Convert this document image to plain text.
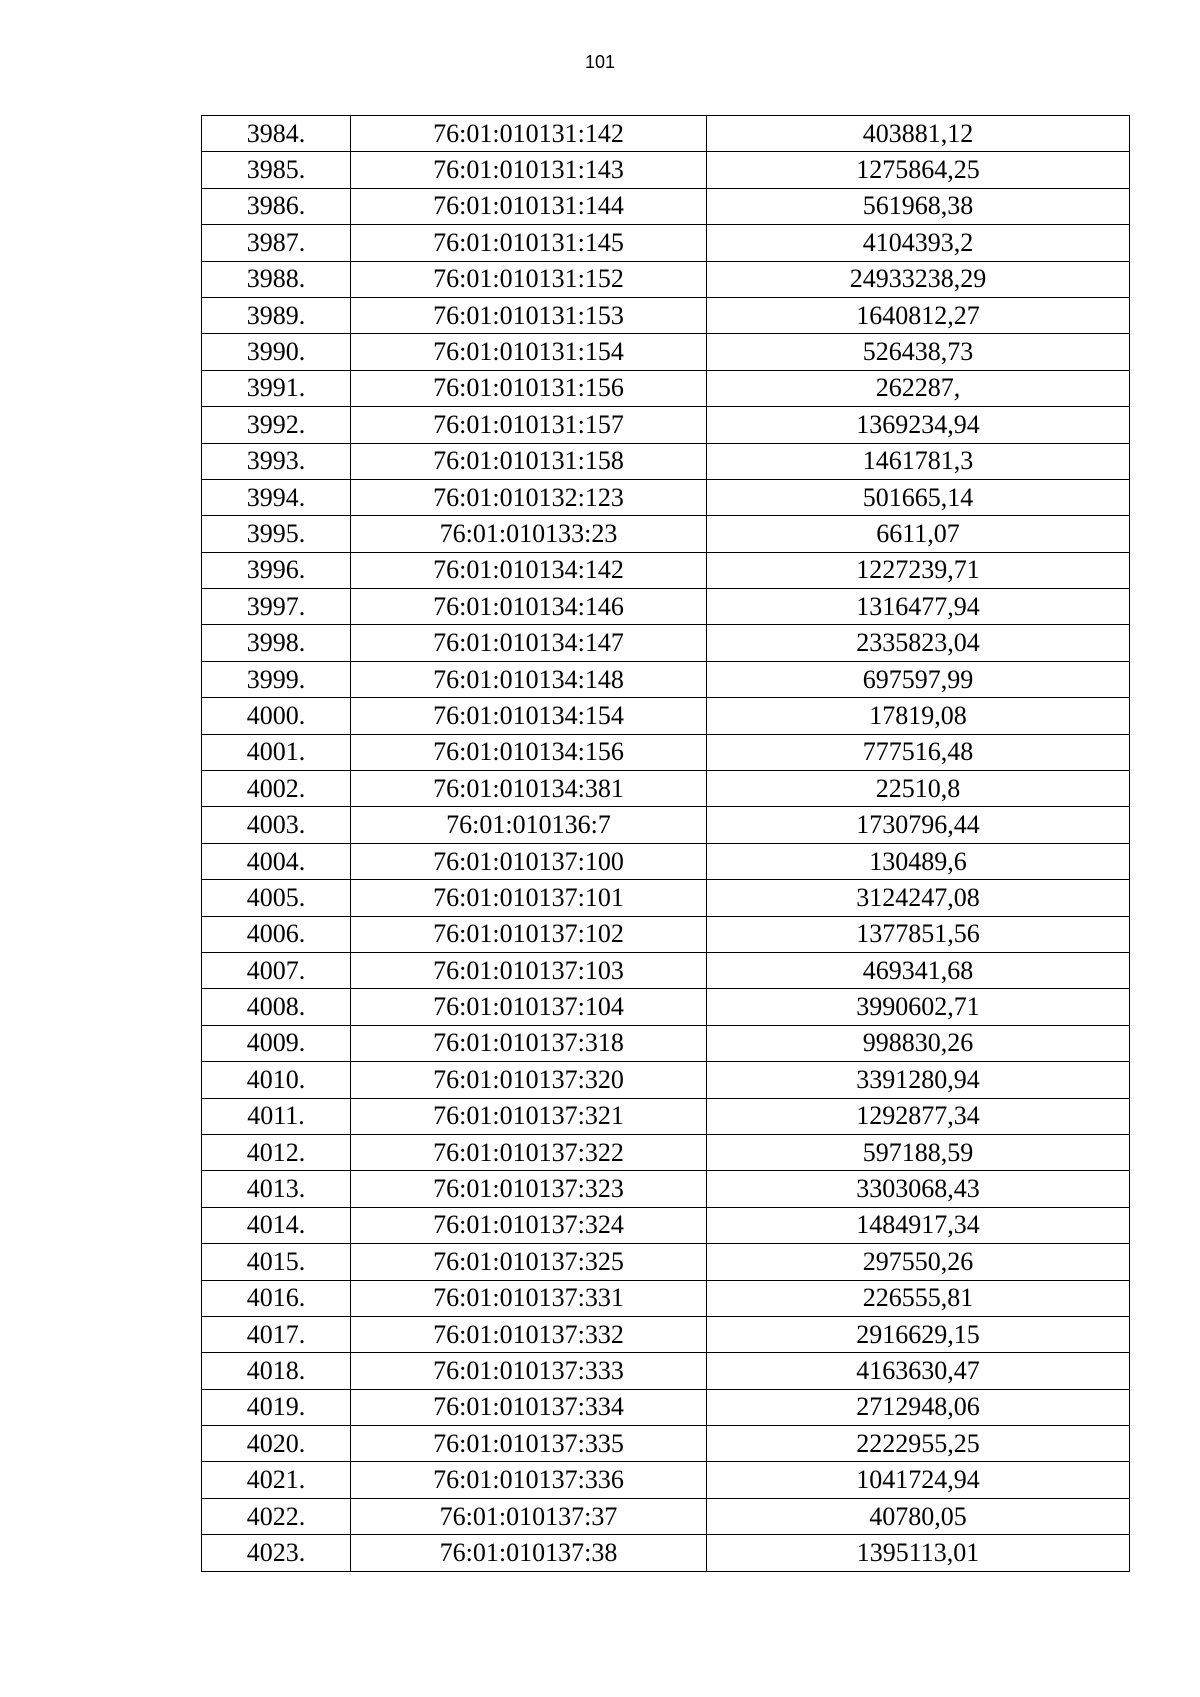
101
3984.	76:01:010131:142	403881,12
3985.	76:01:010131:143	1275864,25
3986.	76:01:010131:144	561968,38
3987.	76:01:010131:145	4104393,2
3988.	76:01:010131:152	24933238,29
3989.	76:01:010131:153	1640812,27
3990.	76:01:010131:154	526438,73
3991.	76:01:010131:156	262287,
3992.	76:01:010131:157	1369234,94
3993.	76:01:010131:158	1461781,3
3994.	76:01:010132:123	501665,14
3995.	76:01:010133:23	6611,07
3996.	76:01:010134:142	1227239,71
3997.	76:01:010134:146	1316477,94
3998.	76:01:010134:147	2335823,04
3999.	76:01:010134:148	697597,99
4000.	76:01:010134:154	17819,08
4001.	76:01:010134:156	777516,48
4002.	76:01:010134:381	22510,8
4003.	76:01:010136:7	1730796,44
4004.	76:01:010137:100	130489,6
4005.	76:01:010137:101	3124247,08
4006.	76:01:010137:102	1377851,56
4007.	76:01:010137:103	469341,68
4008.	76:01:010137:104	3990602,71
4009.	76:01:010137:318	998830,26
4010.	76:01:010137:320	3391280,94
4011.	76:01:010137:321	1292877,34
4012.	76:01:010137:322	597188,59
4013.	76:01:010137:323	3303068,43
4014.	76:01:010137:324	1484917,34
4015.	76:01:010137:325	297550,26
4016.	76:01:010137:331	226555,81
4017.	76:01:010137:332	2916629,15
4018.	76:01:010137:333	4163630,47
4019.	76:01:010137:334	2712948,06
4020.	76:01:010137:335	2222955,25
4021.	76:01:010137:336	1041724,94
4022.	76:01:010137:37	40780,05
4023.	76:01:010137:38	1395113,01
